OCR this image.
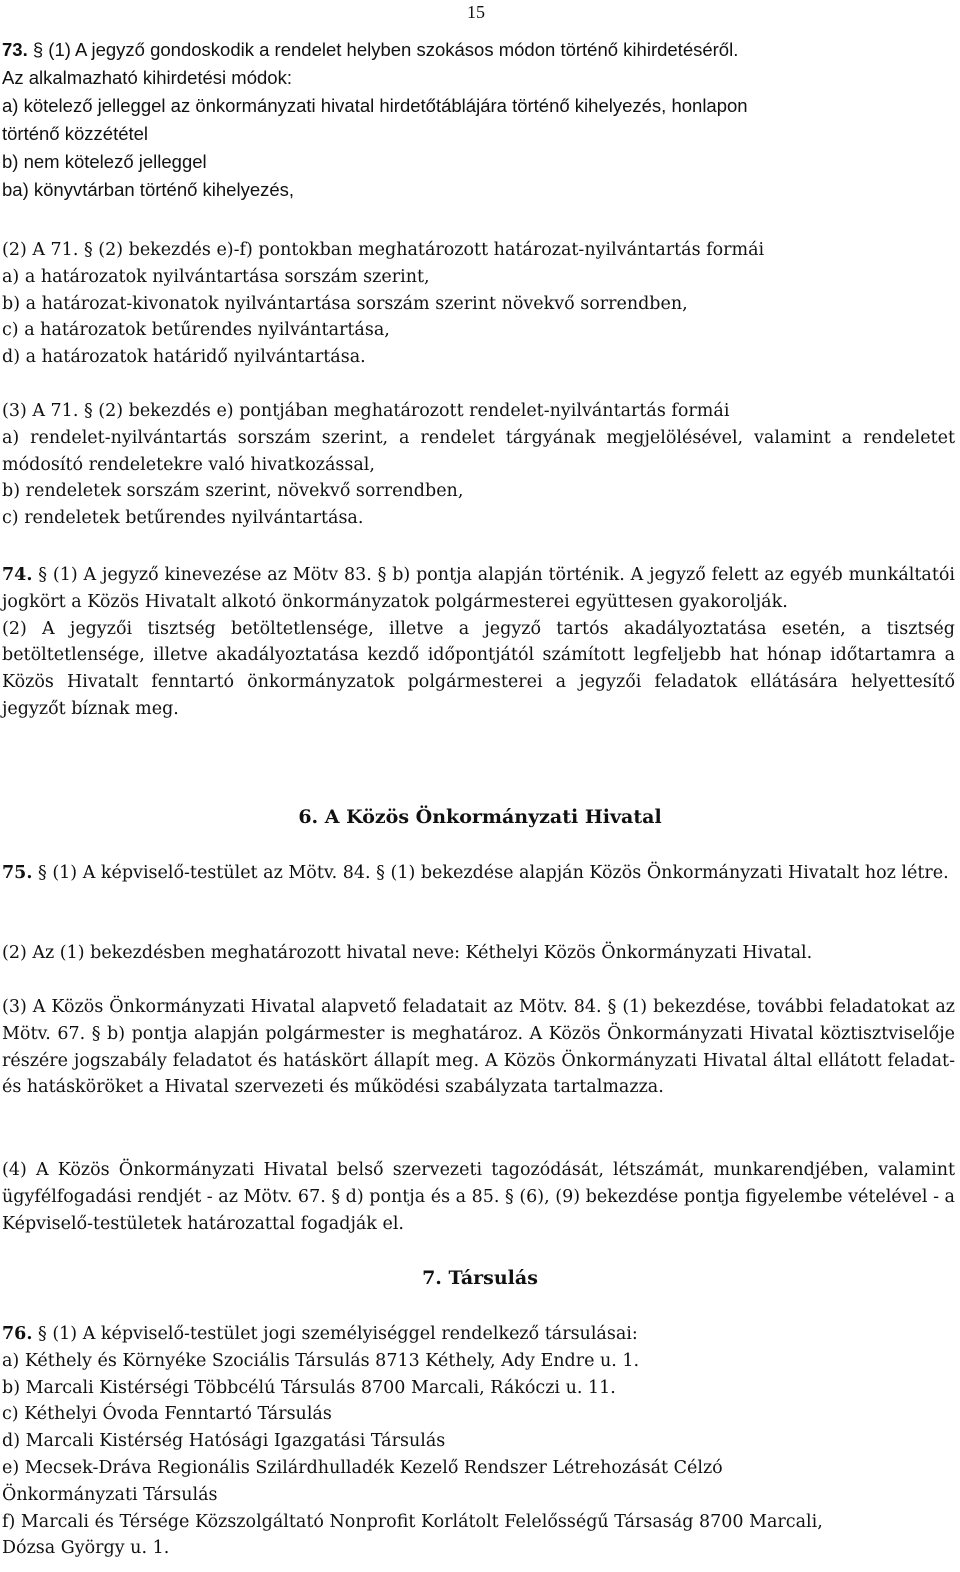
15
73. § (1) A jegyző gondoskodik a rendelet helyben szokásos módon történő kihirdetéséről.
Az alkalmazható kihirdetési módok:
a) kötelező jelleggel az önkormányzati hivatal hirdetőtáblájára történő kihelyezés, honlapon
történő közzététel
b) nem kötelező jelleggel
ba) könyvtárban történő kihelyezés,
(2) A 71. § (2) bekezdés e)-f) pontokban meghatározott határozat-nyilvántartás formái
a) a határozatok nyilvántartása sorszám szerint,
b) a határozat-kivonatok nyilvántartása sorszám szerint növekvő sorrendben,
c) a határozatok betűrendes nyilvántartása,
d) a határozatok határidő nyilvántartása.
(3) A 71. § (2) bekezdés e) pontjában meghatározott rendelet-nyilvántartás formái
a) rendelet-nyilvántartás sorszám szerint, a rendelet tárgyának megjelölésével, valamint a rendeletet módosító rendeletekre való hivatkozással,
b) rendeletek sorszám szerint, növekvő sorrendben,
c) rendeletek betűrendes nyilvántartása.
74. § (1) A jegyző kinevezése az Mötv 83. § b) pontja alapján történik. A jegyző felett az egyéb munkáltatói jogkört a Közös Hivatalt alkotó önkormányzatok polgármesterei együttesen gyakorolják.
(2) A jegyzői tisztség betöltetlensége, illetve a jegyző tartós akadályoztatása esetén, a tisztség betöltetlensége, illetve akadályoztatása kezdő időpontjától számított legfeljebb hat hónap időtartamra a Közös Hivatalt fenntartó önkormányzatok polgármesterei a jegyzői feladatok ellátására helyettesítő jegyzőt bíznak meg.
6. A Közös Önkormányzati Hivatal
75. § (1) A képviselő-testület az Mötv. 84. § (1) bekezdése alapján Közös Önkormányzati Hivatalt hoz létre.
(2) Az (1) bekezdésben meghatározott hivatal neve: Kéthelyi Közös Önkormányzati Hivatal.
(3) A Közös Önkormányzati Hivatal alapvető feladatait az Mötv. 84. § (1) bekezdése, további feladatokat az Mötv. 67. § b) pontja alapján polgármester is meghatároz. A Közös Önkormányzati Hivatal köztisztviselője részére jogszabály feladatot és hatáskört állapít meg. A Közös Önkormányzati Hivatal által ellátott feladat- és hatásköröket a Hivatal szervezeti és működési szabályzata tartalmazza.
(4) A Közös Önkormányzati Hivatal belső szervezeti tagozódását, létszámát, munkarendjében, valamint ügyfélfogadási rendjét - az Mötv. 67. § d) pontja és a 85. § (6), (9) bekezdése pontja figyelembe vételével - a Képviselő-testületek határozattal fogadják el.
7. Társulás
76. § (1) A képviselő-testület jogi személyiséggel rendelkező társulásai:
a) Kéthely és Környéke Szociális Társulás 8713 Kéthely, Ady Endre u. 1.
b) Marcali Kistérségi Többcélú Társulás 8700 Marcali, Rákóczi u. 11.
c) Kéthelyi Óvoda Fenntartó Társulás
d) Marcali Kistérség Hatósági Igazgatási Társulás
e) Mecsek-Dráva Regionális Szilárdhulladék Kezelő Rendszer Létrehozását Célzó
Önkormányzati Társulás
f) Marcali és Térsége Közszolgáltató Nonprofit Korlátolt Felelősségű Társaság 8700 Marcali,
Dózsa György u. 1.
